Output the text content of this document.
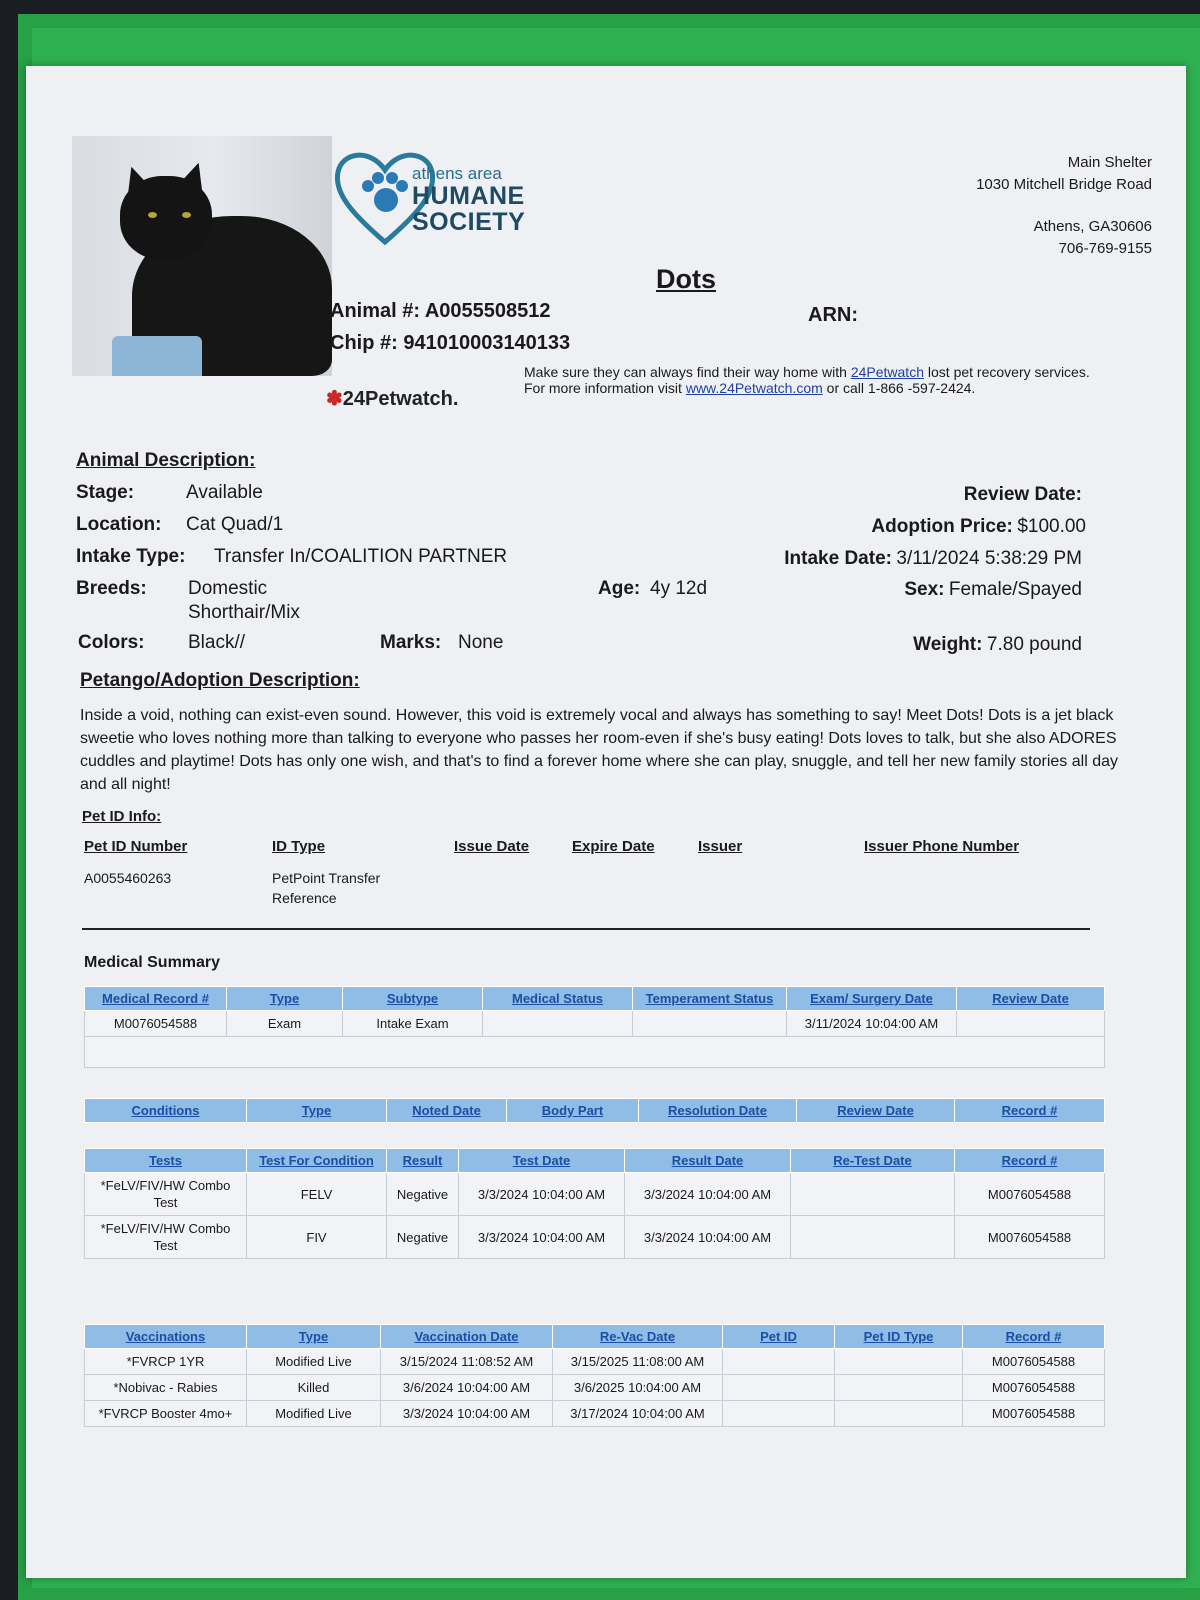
athens area
HUMANE
SOCIETY
Main Shelter
1030 Mitchell Bridge Road
Athens, GA30606
706-769-9155
Dots
Animal #: A0055508512
Chip #: 941010003140133
ARN:
✽24Petwatch.
Make sure they can always find their way home with 24Petwatch lost pet recovery services. For more information visit www.24Petwatch.com or call 1-866 -597-2424.
Animal Description:
Stage:	Available
Location: Cat Quad/1
Intake Type: Transfer In/COALITION PARTNER
Breeds: Domestic
Shorthair/Mix
Colors: Black//	Marks: None
Age: 4y 12d
Review Date:
Adoption Price: $100.00
Intake Date: 3/11/2024 5:38:29 PM
Sex: Female/Spayed
Weight: 7.80 pound
Petango/Adoption Description:
Inside a void, nothing can exist-even sound. However, this void is extremely vocal and always has something to say! Meet Dots! Dots is a jet black sweetie who loves nothing more than talking to everyone who passes her room-even if she's busy eating! Dots loves to talk, but she also ADORES cuddles and playtime! Dots has only one wish, and that's to find a forever home where she can play, snuggle, and tell her new family stories all day and all night!
Pet ID Info:
Pet ID Number	ID Type	Issue Date	Expire Date	Issuer	Issuer Phone Number
A0055460263	PetPoint Transfer
Reference
Medical Summary
Medical Record #	Type	Subtype	Medical Status	Temperament Status	Exam/ Surgery Date	Review Date
M0076054588	Exam	Intake Exam			3/11/2024 10:04:00 AM	

Conditions	Type	Noted Date	Body Part	Resolution Date	Review Date	Record #
Tests	Test For Condition	Result	Test Date	Result Date	Re-Test Date	Record #
*FeLV/FIV/HW Combo Test	FELV	Negative	3/3/2024 10:04:00 AM	3/3/2024 10:04:00 AM		M0076054588
*FeLV/FIV/HW Combo Test	FIV	Negative	3/3/2024 10:04:00 AM	3/3/2024 10:04:00 AM		M0076054588
Vaccinations	Type	Vaccination Date	Re-Vac Date	Pet ID	Pet ID Type	Record #
*FVRCP 1YR	Modified Live	3/15/2024 11:08:52 AM	3/15/2025 11:08:00 AM			M0076054588
*Nobivac - Rabies	Killed	3/6/2024 10:04:00 AM	3/6/2025 10:04:00 AM			M0076054588
*FVRCP Booster 4mo+	Modified Live	3/3/2024 10:04:00 AM	3/17/2024 10:04:00 AM			M0076054588
